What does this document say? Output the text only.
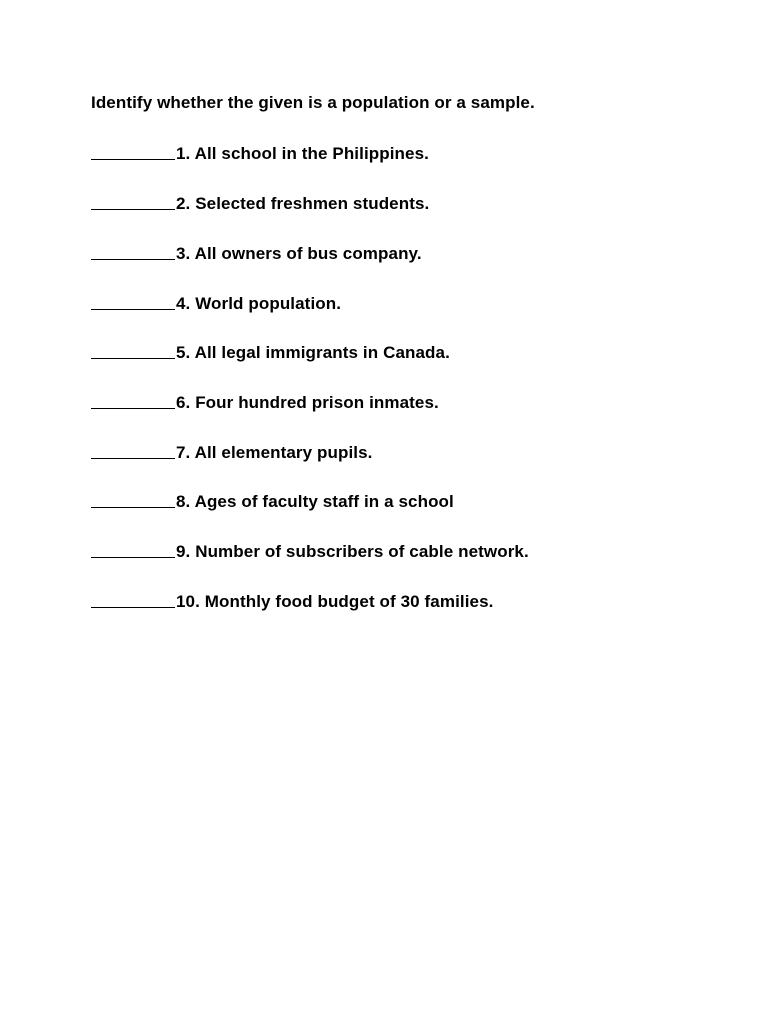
Identify whether the given is a population or a sample.

1. All school in the Philippines.
2. Selected freshmen students.
3. All owners of bus company.
4. World population.
5. All legal immigrants in Canada.
6. Four hundred prison inmates.
7. All elementary pupils.
8. Ages of faculty staff in a school
9. Number of subscribers of cable network.
10. Monthly food budget of 30 families.
